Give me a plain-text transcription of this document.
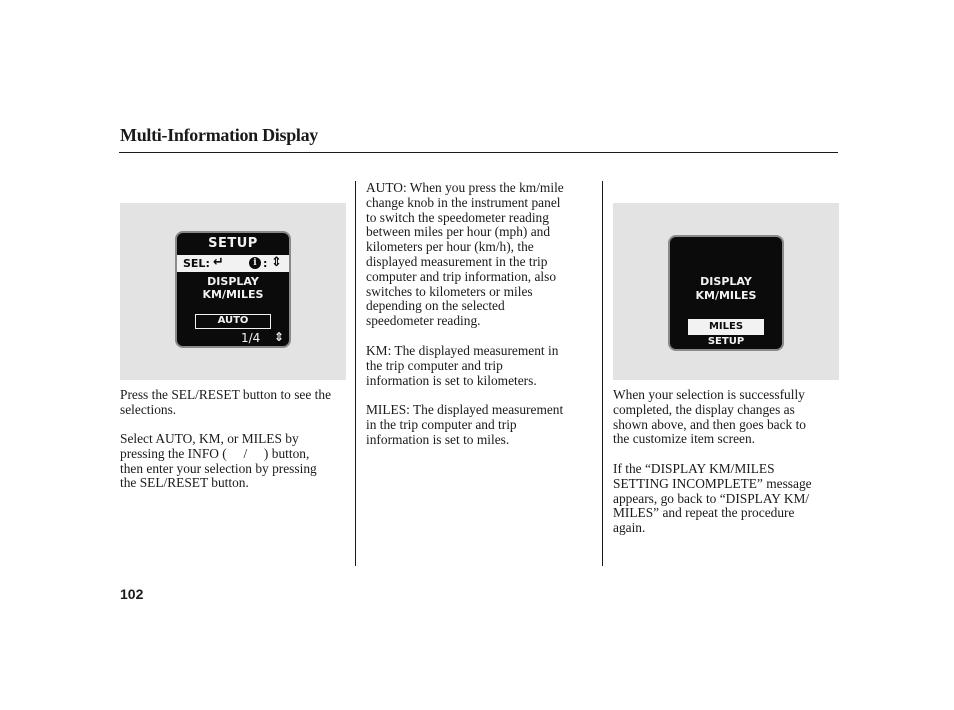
Multi-Information Display
SETUP
SEL: ↵	i : ⇕
DISPLAY
KM/MILES
AUTO
1/4 ⇕

Press the SEL/RESET button to see the selections.

Select AUTO, KM, or MILES by
pressing the INFO (     /     ) button,
then enter your selection by pressing
the SEL/RESET button.

AUTO: When you press the km/mile
change knob in the instrument panel
to switch the speedometer reading
between miles per hour (mph) and
kilometers per hour (km/h), the
displayed measurement in the trip
computer and trip information, also
switches to kilometers or miles
depending on the selected
speedometer reading.

KM: The displayed measurement in
the trip computer and trip
information is set to kilometers.

MILES: The displayed measurement
in the trip computer and trip
information is set to miles.

DISPLAY
KM/MILES
MILES
SETUP

When your selection is successfully
completed, the display changes as
shown above, and then goes back to
the customize item screen.

If the “DISPLAY KM/MILES
SETTING INCOMPLETE” message
appears, go back to “DISPLAY KM/
MILES” and repeat the procedure
again.

102
